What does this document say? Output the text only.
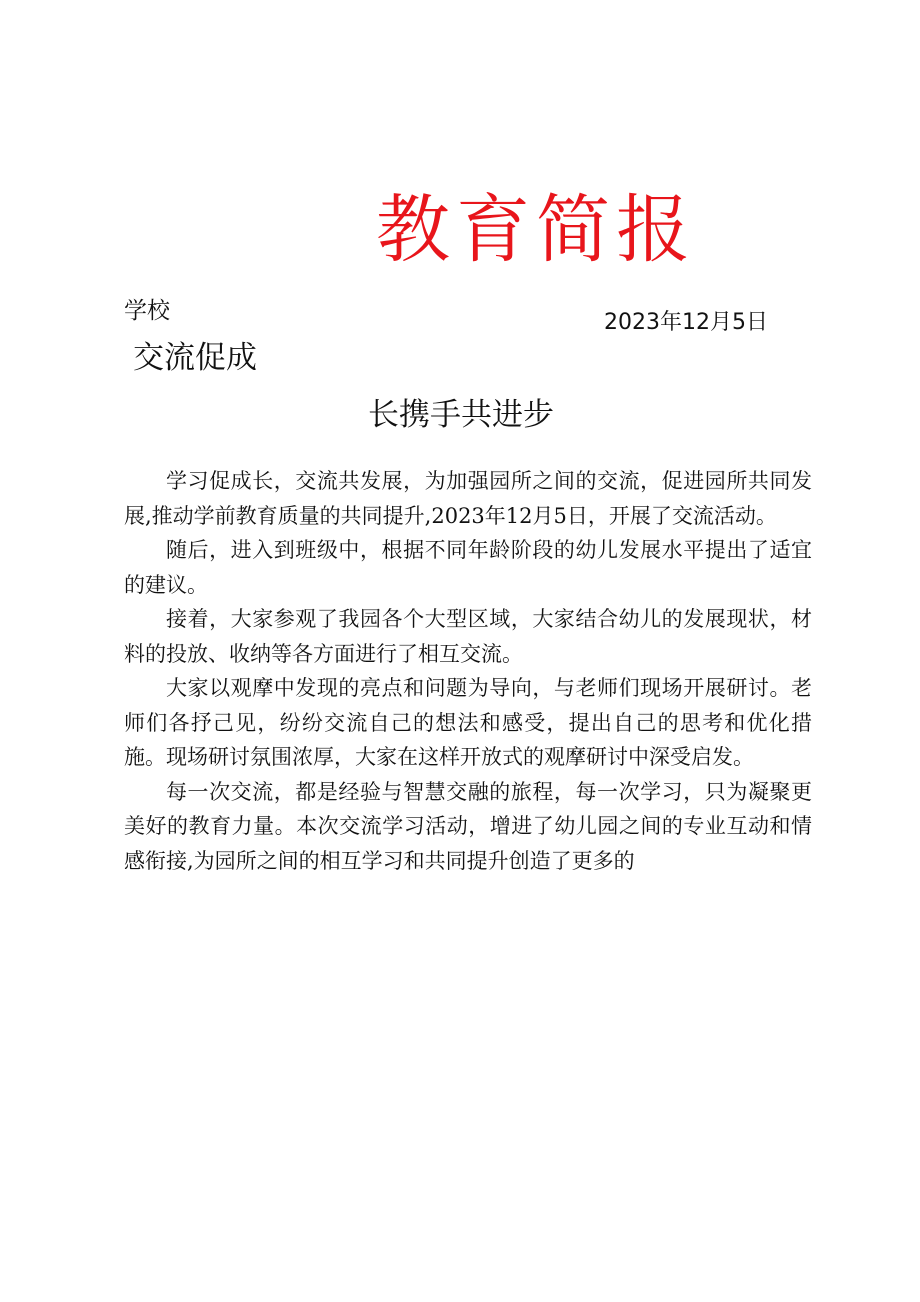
教育简报
学校	2023年12月5日
交流促成
长携手共进步

学习促成长，交流共发展，为加强园所之间的交流，促进园所共同发展,推动学前教育质量的共同提升,2023年12月5日，开展了交流活动。

随后，进入到班级中，根据不同年龄阶段的幼儿发展水平提出了适宜的建议。

接着，大家参观了我园各个大型区域，大家结合幼儿的发展现状，材料的投放、收纳等各方面进行了相互交流。

大家以观摩中发现的亮点和问题为导向，与老师们现场开展研讨。老师们各抒己见，纷纷交流自己的想法和感受，提出自己的思考和优化措施。现场研讨氛围浓厚，大家在这样开放式的观摩研讨中深受启发。

每一次交流，都是经验与智慧交融的旅程，每一次学习，只为凝聚更美好的教育力量。本次交流学习活动，增进了幼儿园之间的专业互动和情感衔接,为园所之间的相互学习和共同提升创造了更多的
